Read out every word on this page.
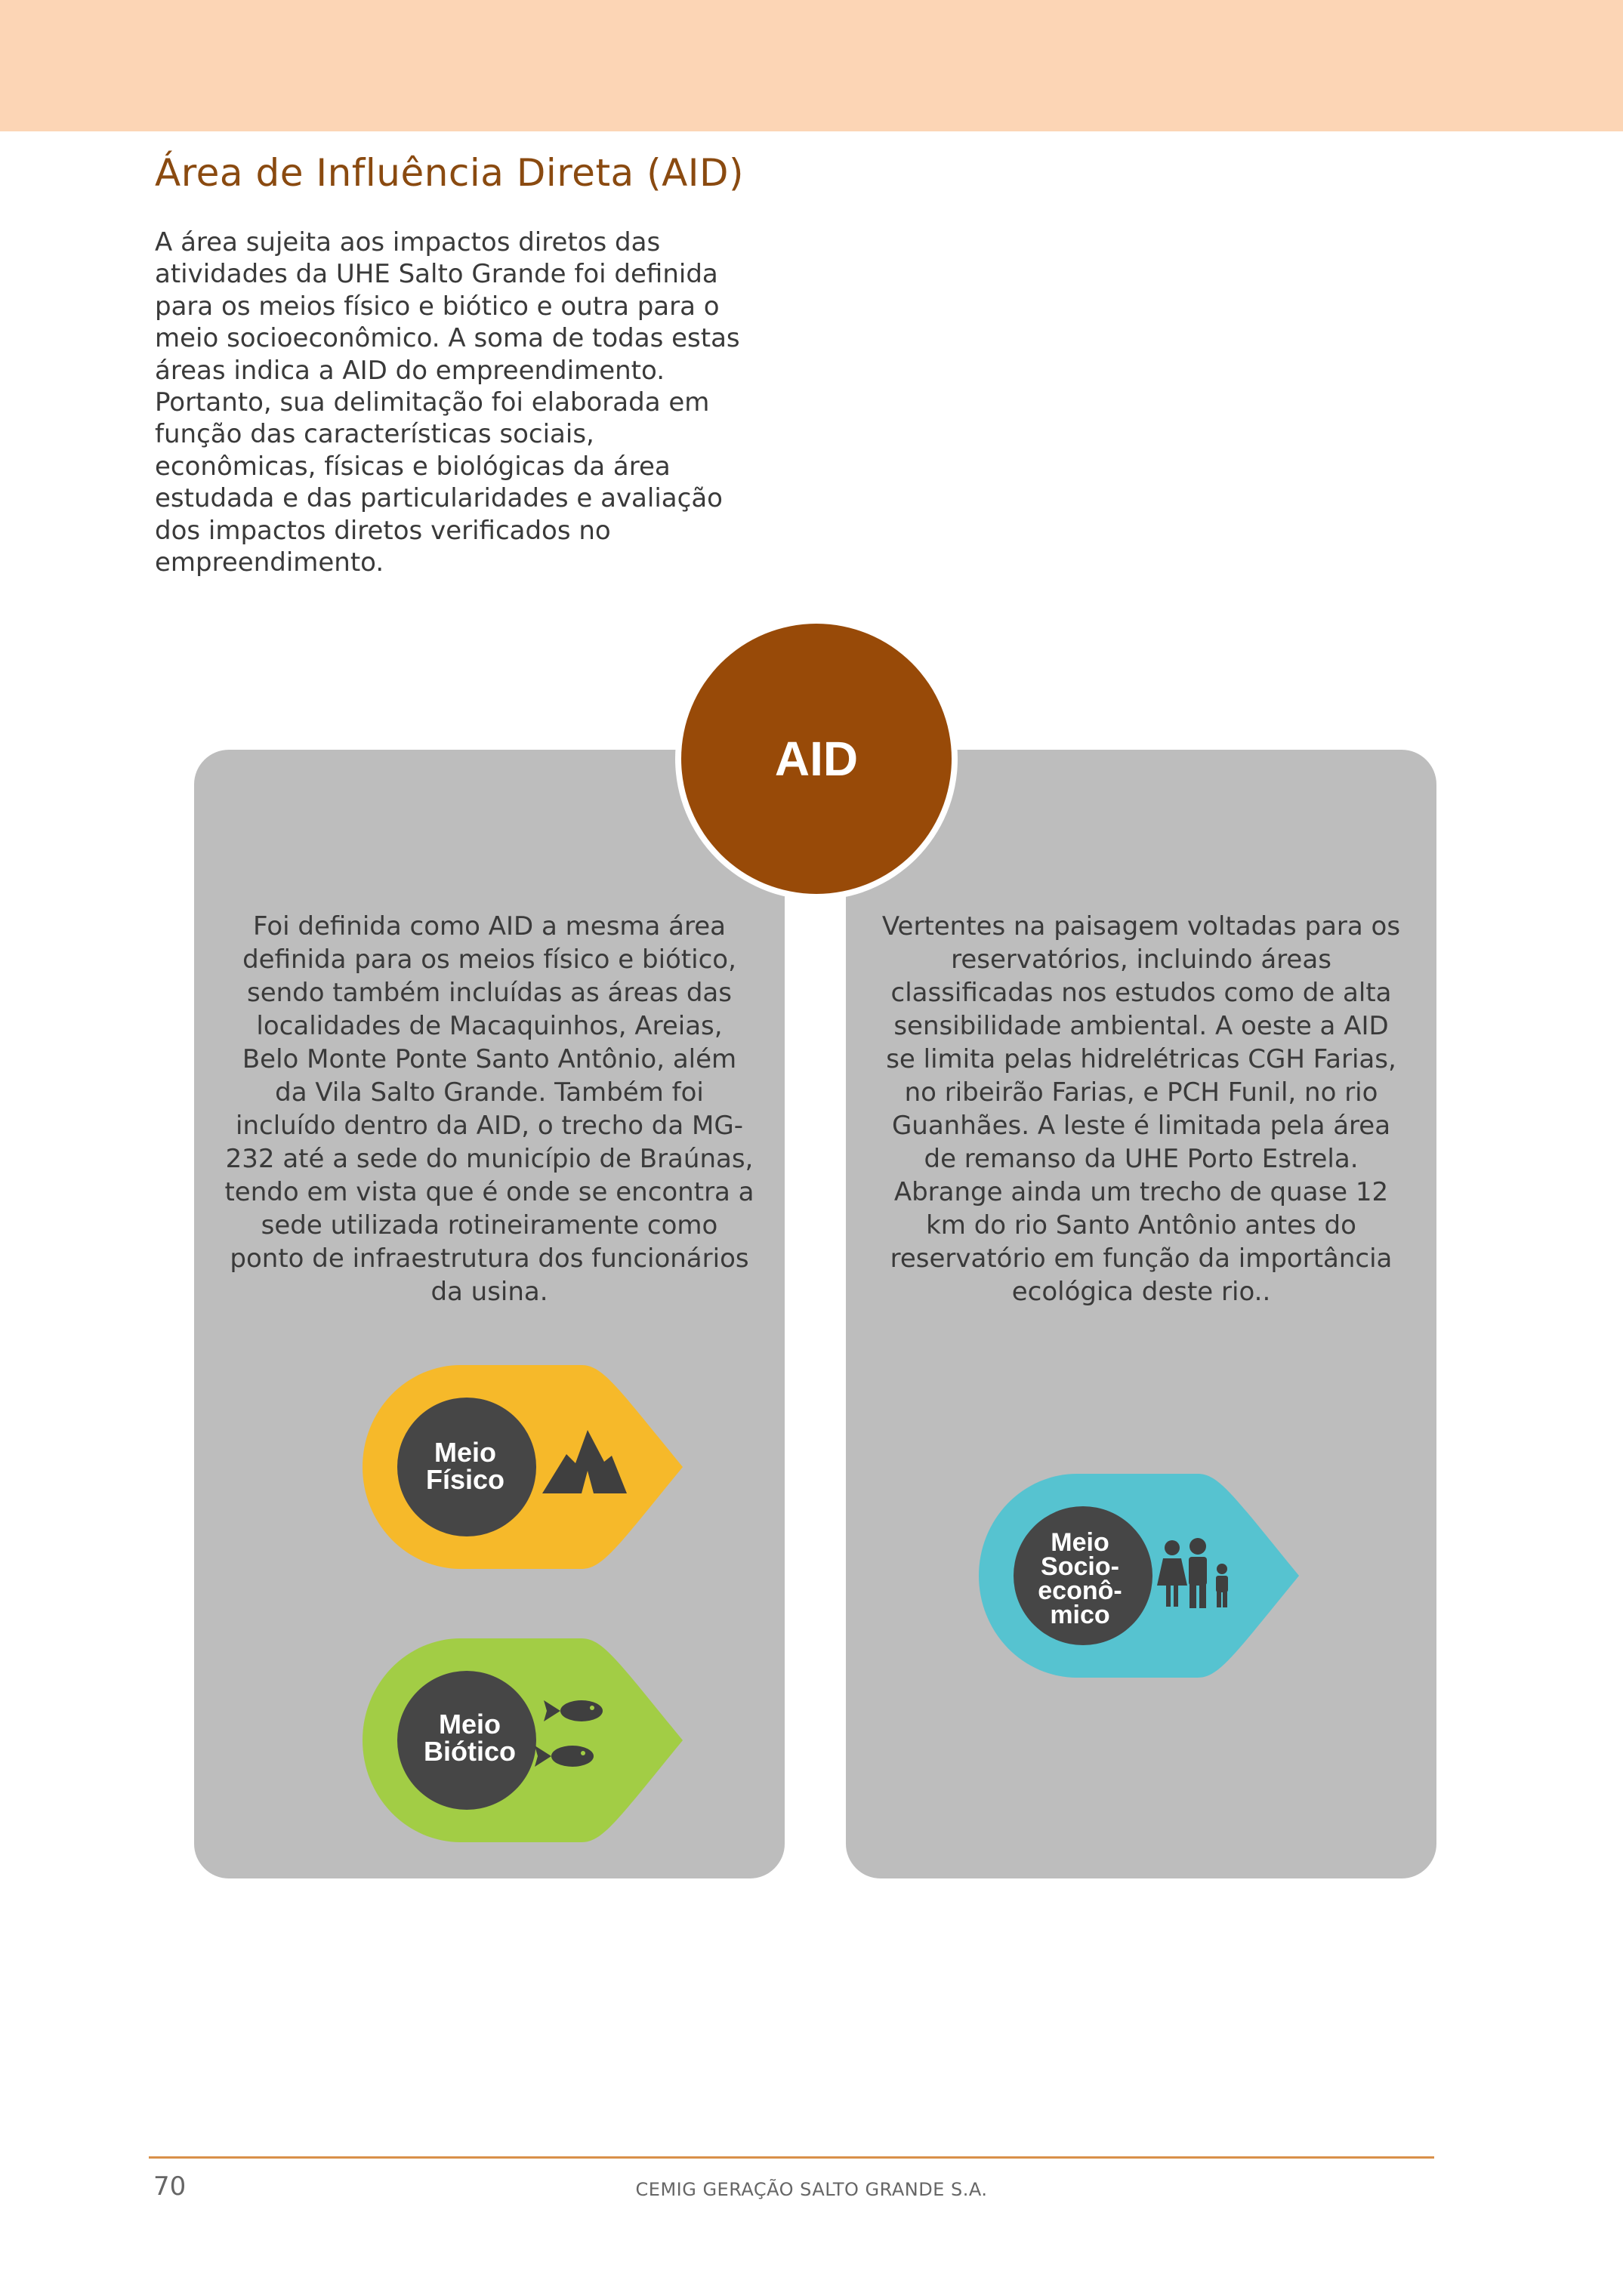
Área de Influência Direta (AID)

A área sujeita aos impactos diretos das atividades da UHE Salto Grande foi definida para os meios físico e biótico e outra para o meio socioeconômico. A soma de todas estas áreas indica a AID do empreendimento. Portanto, sua delimitação foi elaborada em função das características sociais, econômicas, físicas e biológicas da área estudada e das particularidades e avaliação dos impactos diretos verificados no empreendimento.

Foi definida como AID a mesma área definida para os meios físico e biótico, sendo também incluídas as áreas das localidades de Macaquinhos, Areias, Belo Monte Ponte Santo Antônio, além da Vila Salto Grande. Também foi incluído dentro da AID, o trecho da MG-232 até a sede do município de Braúnas, tendo em vista que é onde se encontra a sede utilizada rotineiramente como ponto de infraestrutura dos funcionários da usina.

Vertentes na paisagem voltadas para os reservatórios, incluindo áreas classificadas nos estudos como de alta sensibilidade ambiental. A oeste a AID se limita pelas hidrelétricas CGH Farias, no ribeirão Farias, e PCH Funil, no rio Guanhães. A leste é limitada pela área de remanso da UHE Porto Estrela. Abrange ainda um trecho de quase 12 km do rio Santo Antônio antes do reservatório em função da importância ecológica deste rio..

AID
Meio
Físico
Meio
Biótico
Meio
Socio-
econô-
mico
70	CEMIG GERAÇÃO SALTO GRANDE S.A.
